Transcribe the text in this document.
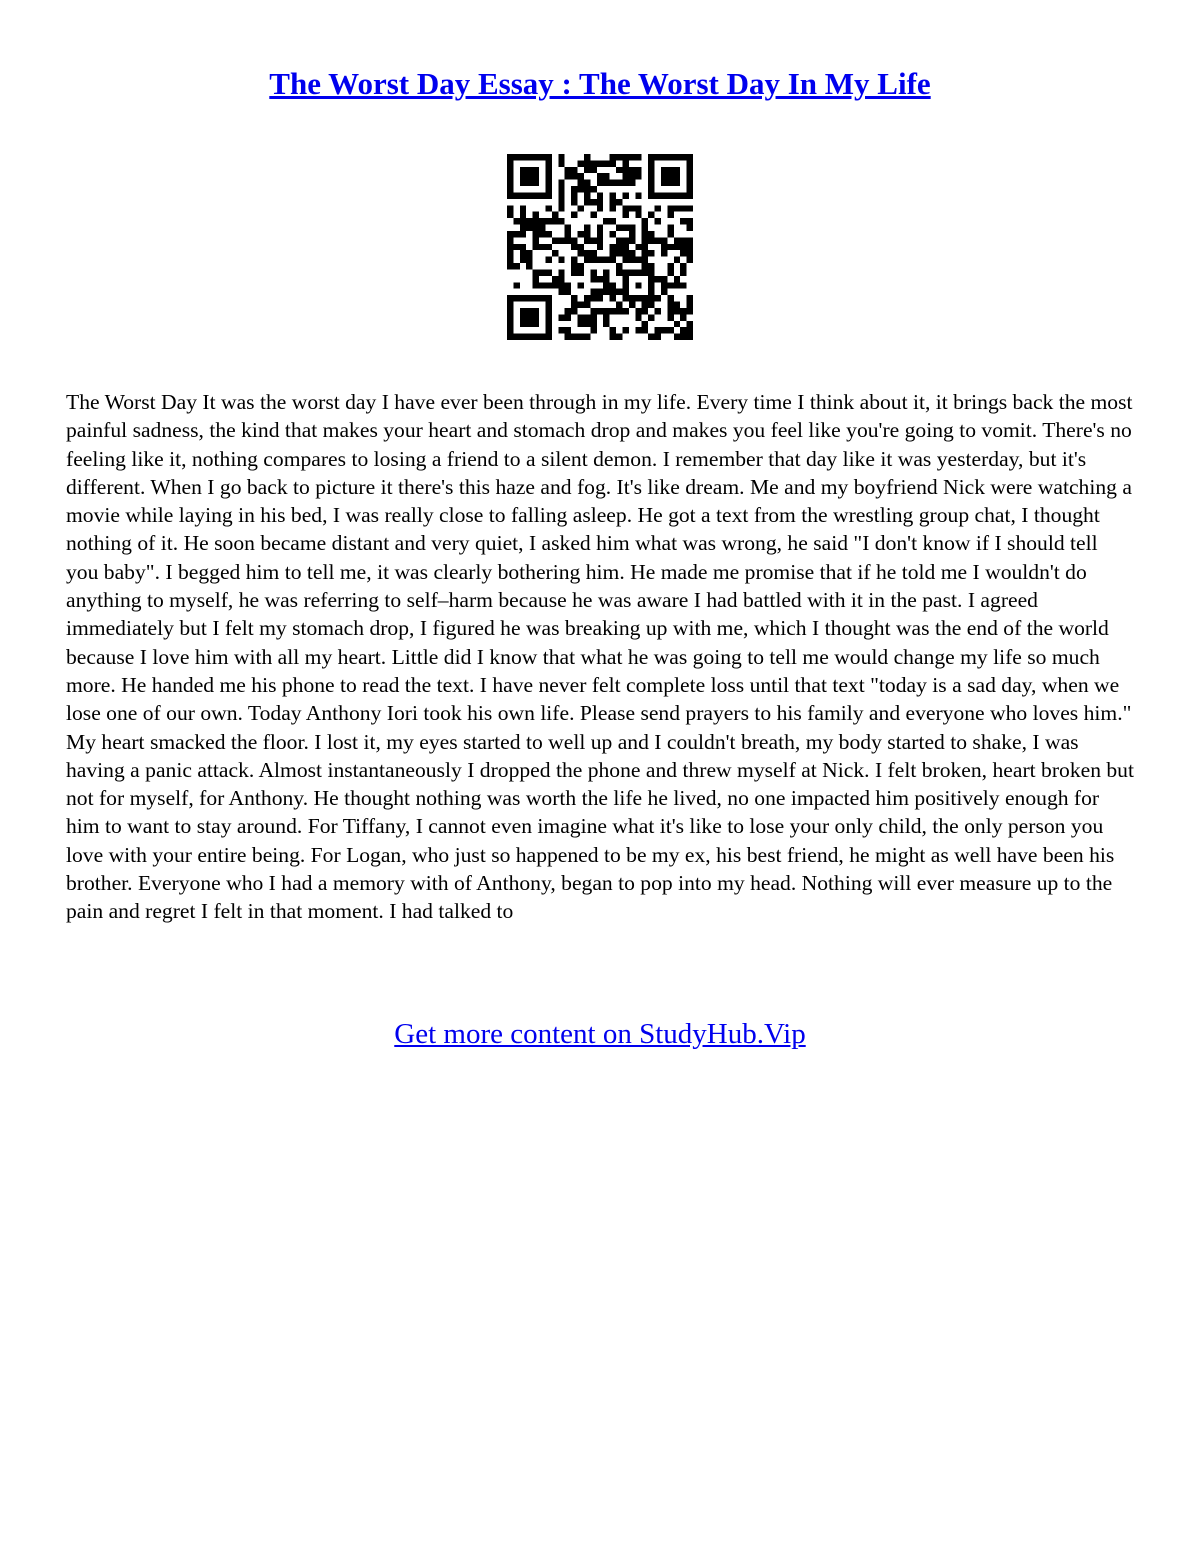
The Worst Day Essay : The Worst Day In My Life
The Worst Day It was the worst day I have ever been through in my life. Every time I think about it, it brings back the most painful sadness, the kind that makes your heart and stomach drop and makes you feel like you're going to vomit. There's no feeling like it, nothing compares to losing a friend to a silent demon. I remember that day like it was yesterday, but it's different. When I go back to picture it there's this haze and fog. It's like dream. Me and my boyfriend Nick were watching a movie while laying in his bed, I was really close to falling asleep. He got a text from the wrestling group chat, I thought nothing of it. He soon became distant and very quiet, I asked him what was wrong, he said "I don't know if I should tell you baby". I begged him to tell me, it was clearly bothering him. He made me promise that if he told me I wouldn't do anything to myself, he was referring to self–harm because he was aware I had battled with it in the past. I agreed immediately but I felt my stomach drop, I figured he was breaking up with me, which I thought was the end of the world because I love him with all my heart. Little did I know that what he was going to tell me would change my life so much more. He handed me his phone to read the text. I have never felt complete loss until that text "today is a sad day, when we lose one of our own. Today Anthony Iori took his own life. Please send prayers to his family and everyone who loves him." My heart smacked the floor. I lost it, my eyes started to well up and I couldn't breath, my body started to shake, I was having a panic attack. Almost instantaneously I dropped the phone and threw myself at Nick. I felt broken, heart broken but not for myself, for Anthony. He thought nothing was worth the life he lived, no one impacted him positively enough for him to want to stay around. For Tiffany, I cannot even imagine what it's like to lose your only child, the only person you love with your entire being. For Logan, who just so happened to be my ex, his best friend, he might as well have been his brother. Everyone who I had a memory with of Anthony, began to pop into my head. Nothing will ever measure up to the pain and regret I felt in that moment. I had talked to
Get more content on StudyHub.Vip
